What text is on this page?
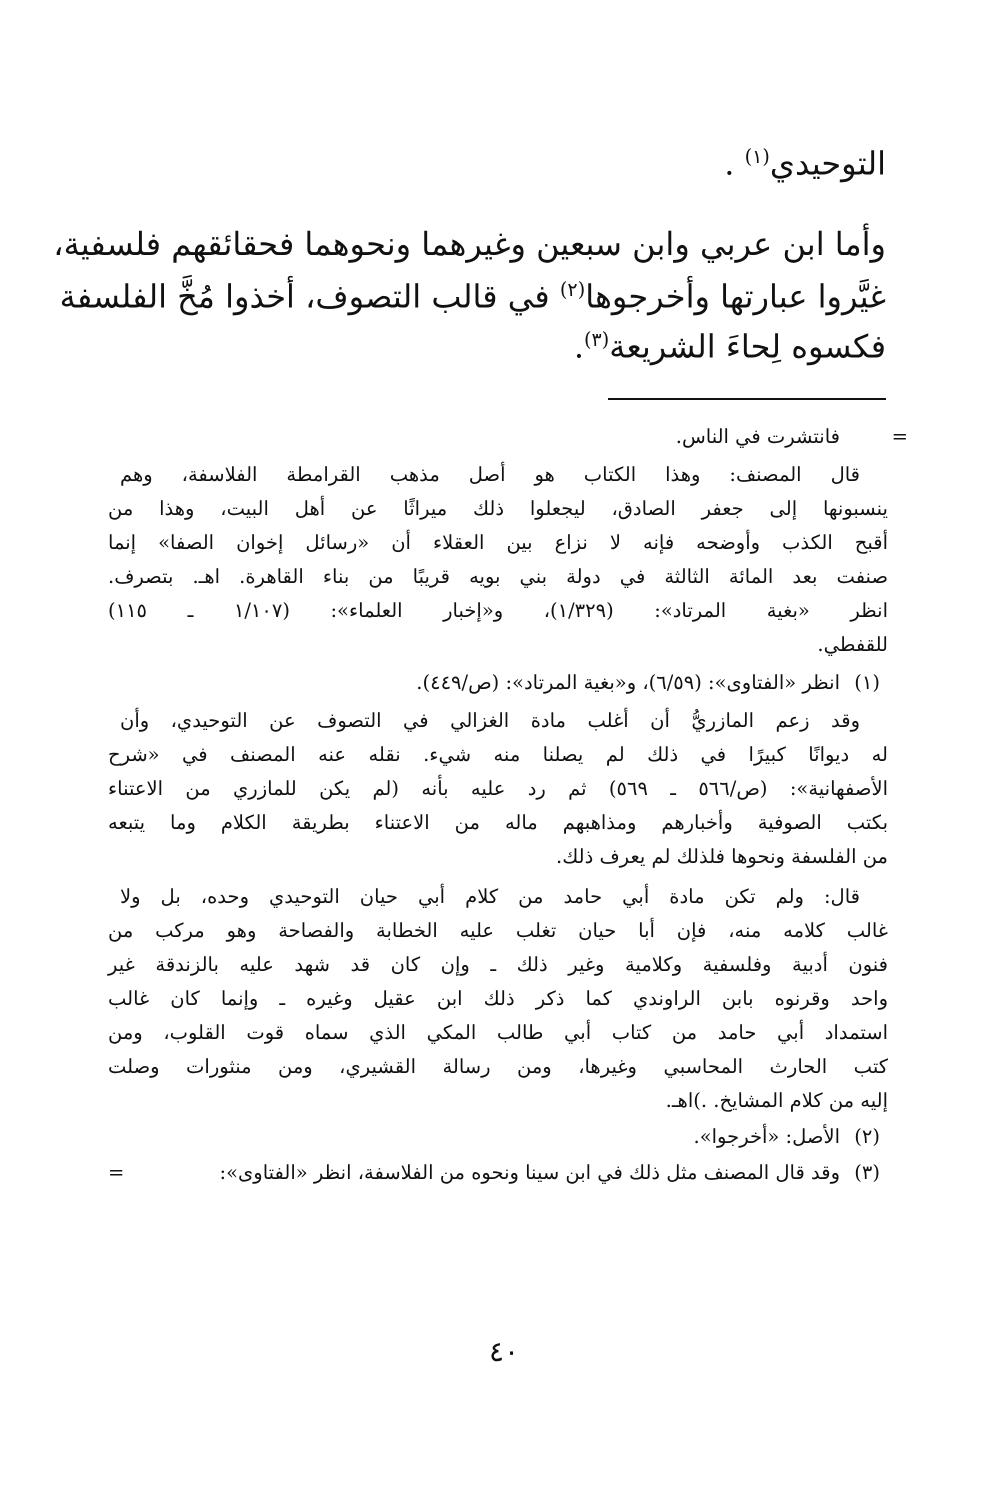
التوحيدي$^{(١)}$ .
وأما ابن عربي وابن سبعين وغيرهما ونحوهما فحقائقهم فلسفية،
غيَّروا عبارتها وأخرجوها$^{(٢)}$ في قالب التصوف، أخذوا مُخَّ الفلسفة
فكسوه لِحاءَ الشريعة$^{(٣)}$.
=
فانتشرت في الناس.
قال المصنف: وهذا الكتاب هو أصل مذهب القرامطة الفلاسفة، وهم
ينسبونها إلى جعفر الصادق، ليجعلوا ذلك ميراثًا عن أهل البيت، وهذا من
أقبح الكذب وأوضحه فإنه لا نزاع بين العقلاء أن «رسائل إخوان الصفا» إنما
صنفت بعد المائة الثالثة في دولة بني بويه قريبًا من بناء القاهرة. اهـ. بتصرف.
انظر «بغية المرتاد»: (١/٣٢٩)، و«إخبار العلماء»: (١/١٠٧ ـ ١١٥)
للقفطي.
(١)
انظر «الفتاوى»: (٦/٥٩)، و«بغية المرتاد»: (ص/٤٤٩).
وقد زعم المازريُّ أن أغلب مادة الغزالي في التصوف عن التوحيدي، وأن
له ديوانًا كبيرًا في ذلك لم يصلنا منه شيء. نقله عنه المصنف في «شرح
الأصفهانية»: (ص/٥٦٦ ـ ٥٦٩) ثم رد عليه بأنه (لم يكن للمازري من الاعتناء
بكتب الصوفية وأخبارهم ومذاهبهم ماله من الاعتناء بطريقة الكلام وما يتبعه
من الفلسفة ونحوها فلذلك لم يعرف ذلك.
قال: ولم تكن مادة أبي حامد من كلام أبي حيان التوحيدي وحده، بل ولا
غالب كلامه منه، فإن أبا حيان تغلب عليه الخطابة والفصاحة وهو مركب من
فنون أدبية وفلسفية وكلامية وغير ذلك ـ وإن كان قد شهد عليه بالزندقة غير
واحد وقرنوه بابن الراوندي كما ذكر ذلك ابن عقيل وغيره ـ وإنما كان غالب
استمداد أبي حامد من كتاب أبي طالب المكي الذي سماه قوت القلوب، ومن
كتب الحارث المحاسبي وغيرها، ومن رسالة القشيري، ومن منثورات وصلت
إليه من كلام المشايخ. .)اهـ.
(٢)
الأصل: «أخرجوا».
(٣)
وقد قال المصنف مثل ذلك في ابن سينا ونحوه من الفلاسفة، انظر «الفتاوى»:
=
٤٠
